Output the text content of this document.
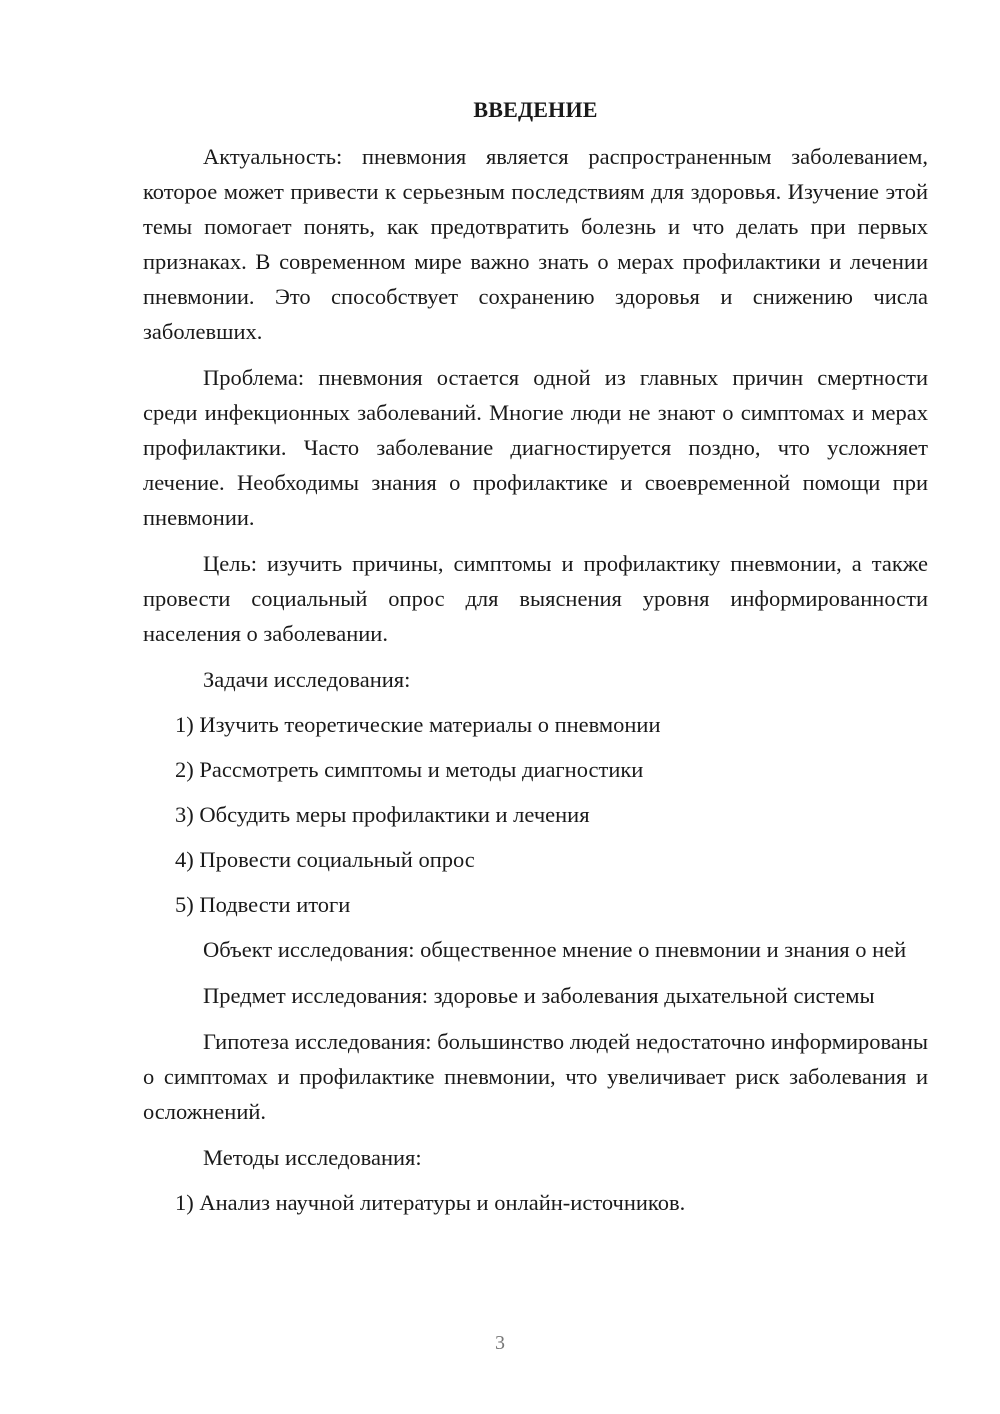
ВВЕДЕНИЕ

Актуальность: пневмония является распространенным заболеванием, которое может привести к серьезным последствиям для здоровья. Изучение этой темы помогает понять, как предотвратить болезнь и что делать при первых признаках. В современном мире важно знать о мерах профилактики и лечении пневмонии. Это способствует сохранению здоровья и снижению числа заболевших.

Проблема: пневмония остается одной из главных причин смертности среди инфекционных заболеваний. Многие люди не знают о симптомах и мерах профилактики. Часто заболевание диагностируется поздно, что усложняет лечение. Необходимы знания о профилактике и своевременной помощи при пневмонии.

Цель: изучить причины, симптомы и профилактику пневмонии, а также провести социальный опрос для выяснения уровня информированности населения о заболевании.

Задачи исследования:
1) Изучить теоретические материалы о пневмонии
2) Рассмотреть симптомы и методы диагностики
3) Обсудить меры профилактики и лечения
4) Провести социальный опрос
5) Подвести итоги

Объект исследования: общественное мнение о пневмонии и знания о ней

Предмет исследования: здоровье и заболевания дыхательной системы

Гипотеза исследования: большинство людей недостаточно информированы о симптомах и профилактике пневмонии, что увеличивает риск заболевания и осложнений.

Методы исследования:
1) Анализ научной литературы и онлайн-источников.
3
